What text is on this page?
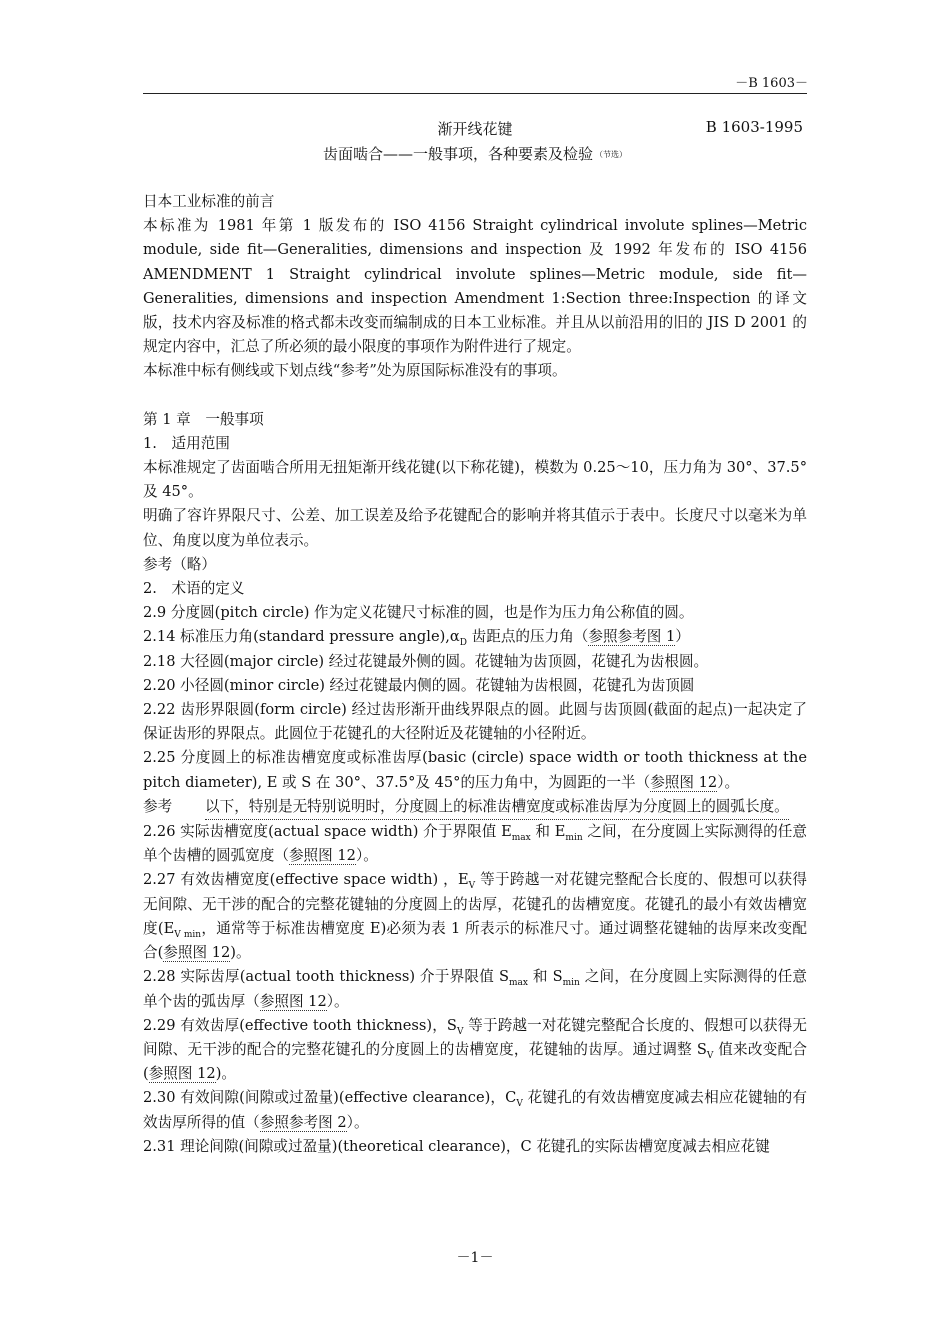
－B 1603－
渐开线花键	B 1603-1995
齿面啮合——一般事项，各种要素及检验 （节选）

日本工业标准的前言

本标准为 1981 年第 1 版发布的 ISO 4156 Straight cylindrical involute splines—Metric module, side fit—Generalities, dimensions and inspection 及 1992 年发布的 ISO 4156 AMENDMENT 1 Straight cylindrical involute splines—Metric module, side fit—Generalities, dimensions and inspection Amendment 1:Section three:Inspection 的译文版，技术内容及标准的格式都未改变而编制成的日本工业标准。并且从以前沿用的旧的 JIS D 2001 的规定内容中，汇总了所必须的最小限度的事项作为附件进行了规定。

本标准中标有侧线或下划点线“参考”处为原国际标准没有的事项。

第 1 章　一般事项

1.　适用范围

本标准规定了齿面啮合所用无扭矩渐开线花键(以下称花键)，模数为 0.25～10，压力角为 30°、37.5°及 45°。

明确了容许界限尺寸、公差、加工误差及给予花键配合的影响并将其值示于表中。长度尺寸以毫米为单位、角度以度为单位表示。

参考（略）

2.　术语的定义

2.9 分度圆(pitch circle) 作为定义花键尺寸标准的圆，也是作为压力角公称值的圆。

2.14 标准压力角(standard pressure $angle),\alpha_D$ 齿距点的压力角（参照参考图 1）

2.18 大径圆(major circle) 经过花键最外侧的圆。花键轴为齿顶圆，花键孔为齿根圆。

2.20 小径圆(minor circle) 经过花键最内侧的圆。花键轴为齿根圆，花键孔为齿顶圆

2.22 齿形界限圆(form circle) 经过齿形渐开曲线界限点的圆。此圆与齿顶圆(截面的起点)一起决定了保证齿形的界限点。此圆位于花键孔的大径附近及花键轴的小径附近。

2.25 分度圆上的标准齿槽宽度或标准齿厚(basic (circle) space width or tooth thickness at the pitch diameter), E 或 S 在 30°、37.5°及 45°的压力角中，为圆距的一半（参照图 12）。

参考	以下，特别是无特别说明时，分度圆上的标准齿槽宽度或标准齿厚为分度圆上的圆弧长度。

2.26 实际齿槽宽度(actual space width) 介于界限值 $E_{max}$ 和 $E_{min}$ 之间，在分度圆上实际测得的任意单个齿槽的圆弧宽度（参照图 12）。

2.27 有效齿槽宽度(effective space width) ，$E_V$ 等于跨越一对花键完整配合长度的、假想可以获得无间隙、无干涉的配合的完整花键轴的分度圆上的齿厚，花键孔的齿槽宽度。花键孔的最小有效齿槽宽度($E_{V min}$，通常等于标准齿槽宽度 E)必须为表 1 所表示的标准尺寸。通过调整花键轴的齿厚来改变配合(参照图 12)。

2.28 实际齿厚(actual tooth thickness) 介于界限值 $S_{max}$ 和 $S_{min}$ 之间，在分度圆上实际测得的任意单个齿的弧齿厚（参照图 12）。

2.29 有效齿厚(effective tooth thickness)，$S_V$ 等于跨越一对花键完整配合长度的、假想可以获得无间隙、无干涉的配合的完整花键孔的分度圆上的齿槽宽度，花键轴的齿厚。通过调整 $S_V$ 值来改变配合(参照图 12)。

2.30 有效间隙(间隙或过盈量)(effective clearance)，$C_V$ 花键孔的有效齿槽宽度减去相应花键轴的有效齿厚所得的值（参照参考图 2）。

2.31 理论间隙(间隙或过盈量)(theoretical clearance)，C 花键孔的实际齿槽宽度减去相应花键

－1－
